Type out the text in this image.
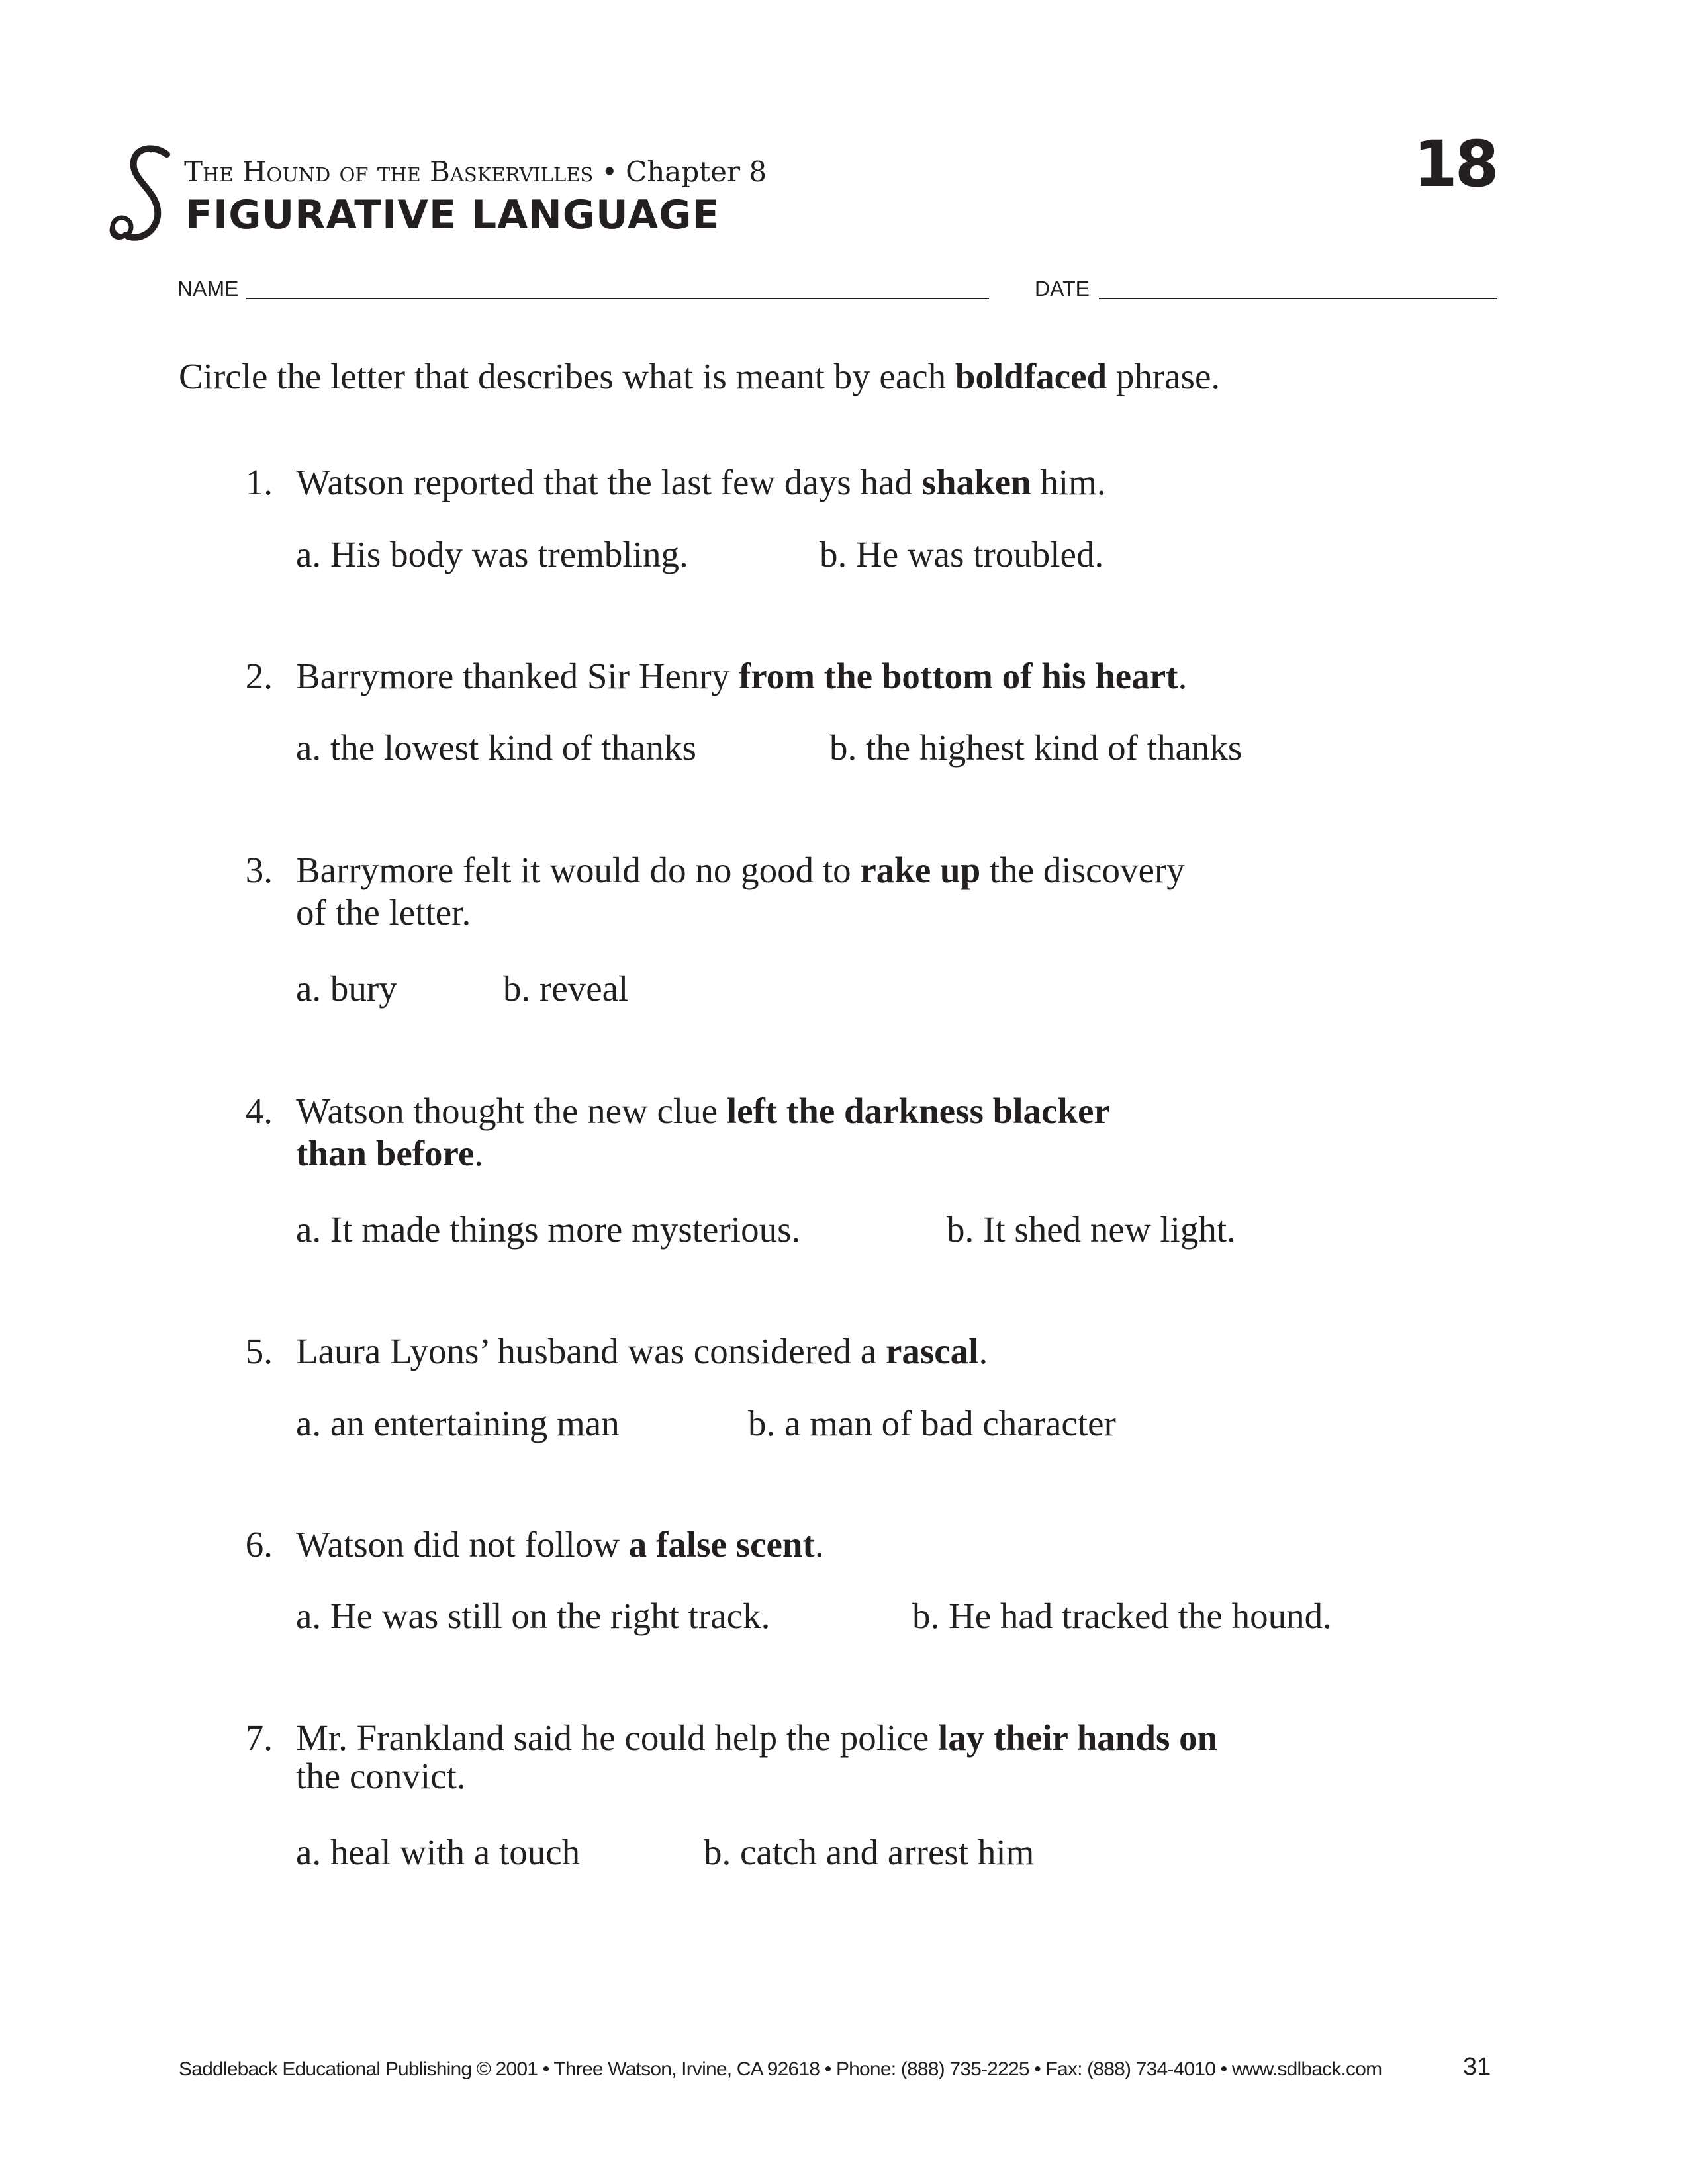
The Hound of the Baskervilles • Chapter 8
FIGURATIVE LANGUAGE
18
NAME	DATE
Circle the letter that describes what is meant by each boldfaced phrase.
1. Watson reported that the last few days had shaken him.
a. His body was trembling.	b. He was troubled.
2. Barrymore thanked Sir Henry from the bottom of his heart.
a. the lowest kind of thanks	b. the highest kind of thanks
3. Barrymore felt it would do no good to rake up the discovery
of the letter.
a. bury	b. reveal
4. Watson thought the new clue left the darkness blacker
than before.
a. It made things more mysterious.	b. It shed new light.
5. Laura Lyons’ husband was considered a rascal.
a. an entertaining man	b. a man of bad character
6. Watson did not follow a false scent.
a. He was still on the right track.	b. He had tracked the hound.
7. Mr. Frankland said he could help the police lay their hands on
the convict.
a. heal with a touch	b. catch and arrest him
Saddleback Educational Publishing © 2001 • Three Watson, Irvine, CA 92618 • Phone: (888) 735-2225 • Fax: (888) 734-4010 • www.sdlback.com	31
